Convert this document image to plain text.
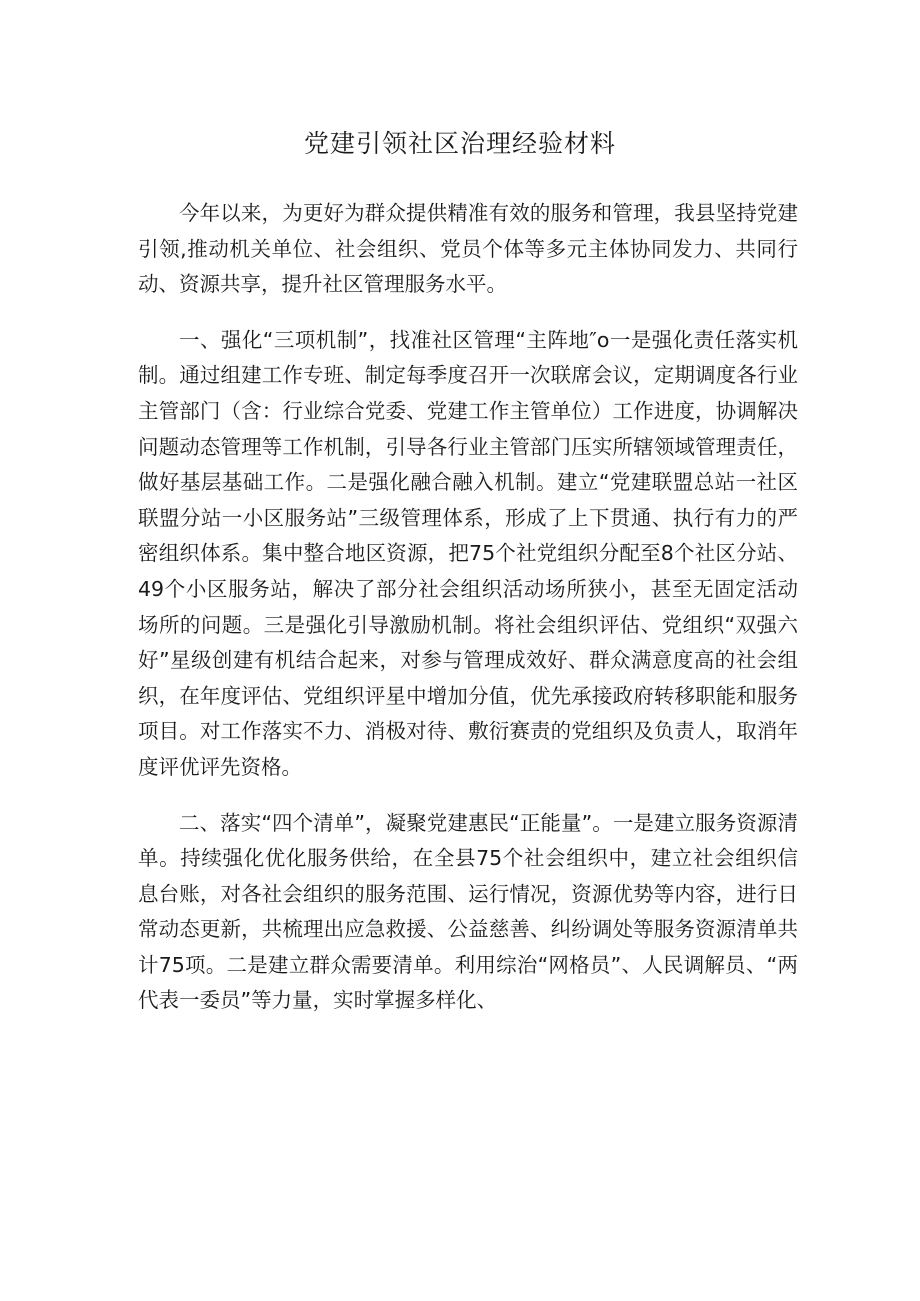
党建引领社区治理经验材料

今年以来，为更好为群众提供精准有效的服务和管理，我县坚持党建引领,推动机关单位、社会组织、党员个体等多元主体协同发力、共同行动、资源共享，提升社区管理服务水平。

一、强化“三项机制”，找准社区管理“主阵地″o一是强化责任落实机制。通过组建工作专班、制定每季度召开一次联席会议，定期调度各行业主管部门（含：行业综合党委、党建工作主管单位）工作进度，协调解决问题动态管理等工作机制，引导各行业主管部门压实所辖领域管理责任，做好基层基础工作。二是强化融合融入机制。建立“党建联盟总站一社区联盟分站一小区服务站”三级管理体系，形成了上下贯通、执行有力的严密组织体系。集中整合地区资源，把75个社党组织分配至8个社区分站、49个小区服务站，解决了部分社会组织活动场所狭小，甚至无固定活动场所的问题。三是强化引导激励机制。将社会组织评估、党组织“双强六好”星级创建有机结合起来，对参与管理成效好、群众满意度高的社会组织，在年度评估、党组织评星中增加分值，优先承接政府转移职能和服务项目。对工作落实不力、消极对待、敷衍赛责的党组织及负责人，取消年度评优评先资格。

二、落实“四个清单”，凝聚党建惠民“正能量”。一是建立服务资源清单。持续强化优化服务供给，在全县75个社会组织中，建立社会组织信息台账，对各社会组织的服务范围、运行情况，资源优势等内容，进行日常动态更新，共梳理出应急救援、公益慈善、纠纷调处等服务资源清单共计75项。二是建立群众需要清单。利用综治“网格员”、人民调解员、“两代表一委员”等力量，实时掌握多样化、
